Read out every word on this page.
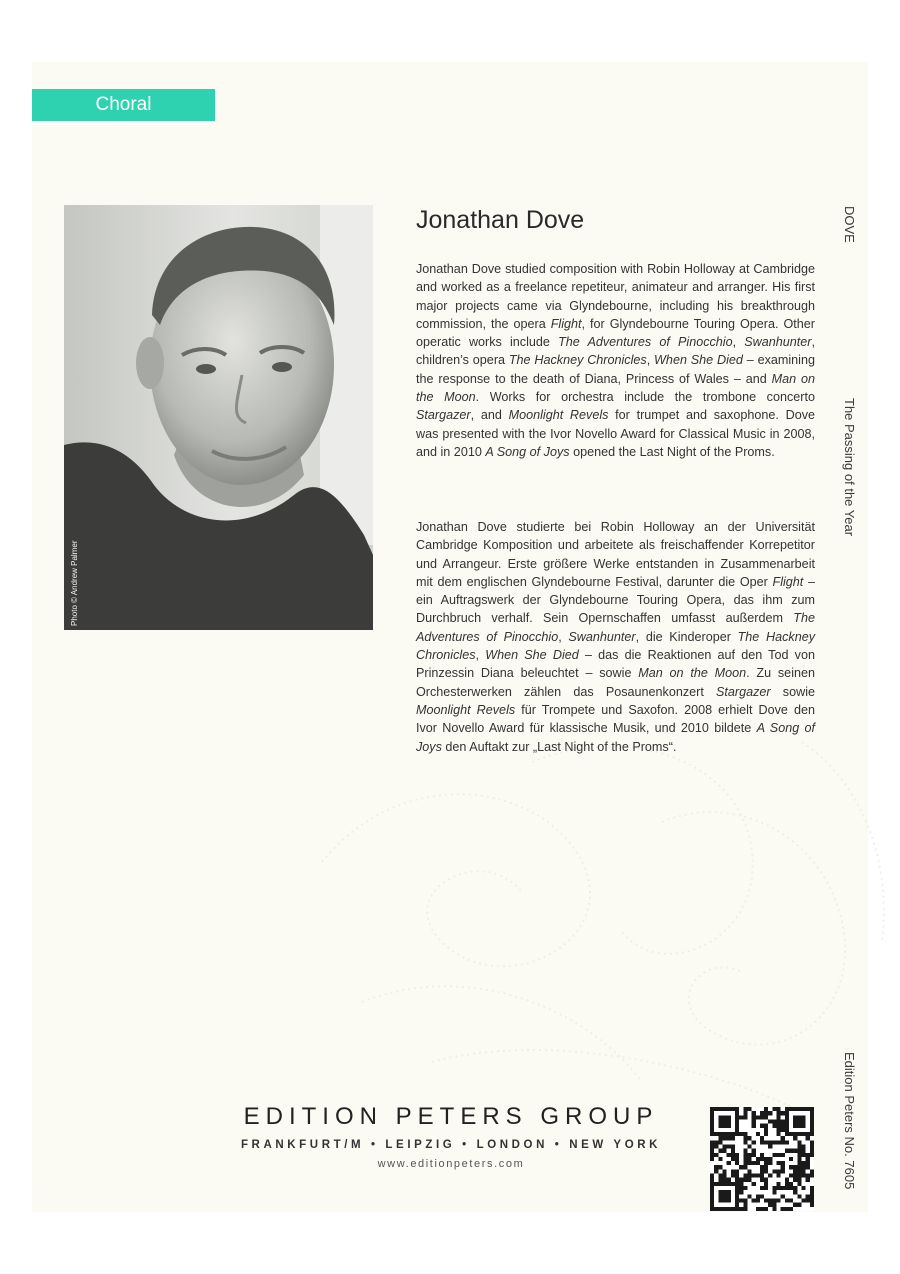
Choral
Photo © Andrew Palmer
Jonathan Dove

Jonathan Dove studied composition with Robin Holloway at Cambridge and worked as a freelance repetiteur, animateur and arranger. His first major projects came via Glyndebourne, including his breakthrough commission, the opera Flight, for Glyndebourne Touring Opera. Other operatic works include The Adventures of Pinocchio, Swanhunter, children’s opera The Hackney Chronicles, When She Died – examining the response to the death of Diana, Princess of Wales – and Man on the Moon. Works for orchestra include the trombone concerto Stargazer, and Moonlight Revels for trumpet and saxophone. Dove was presented with the Ivor Novello Award for Classical Music in 2008, and in 2010 A Song of Joys opened the Last Night of the Proms.

Jonathan Dove studierte bei Robin Holloway an der Universität Cambridge Komposition und arbeitete als freischaffender Korrepetitor und Arrangeur. Erste größere Werke entstanden in Zusammenarbeit mit dem englischen Glyndebourne Festival, darunter die Oper Flight – ein Auftragswerk der Glyndebourne Touring Opera, das ihm zum Durchbruch verhalf. Sein Opernschaffen umfasst außerdem The Adventures of Pinocchio, Swanhunter, die Kinderoper The Hackney Chronicles, When She Died – das die Reaktionen auf den Tod von Prinzessin Diana beleuchtet – sowie Man on the Moon. Zu seinen Orchesterwerken zählen das Posaunenkonzert Stargazer sowie Moonlight Revels für Trompete und Saxofon. 2008 erhielt Dove den Ivor Novello Award für klassische Musik, und 2010 bildete A Song of Joys den Auftakt zur „Last Night of the Proms“.

DOVE
The Passing of the Year
Edition Peters No. 7605
EDITION PETERS GROUP
FRANKFURT/M • LEIPZIG • LONDON • NEW YORK
www.editionpeters.com
